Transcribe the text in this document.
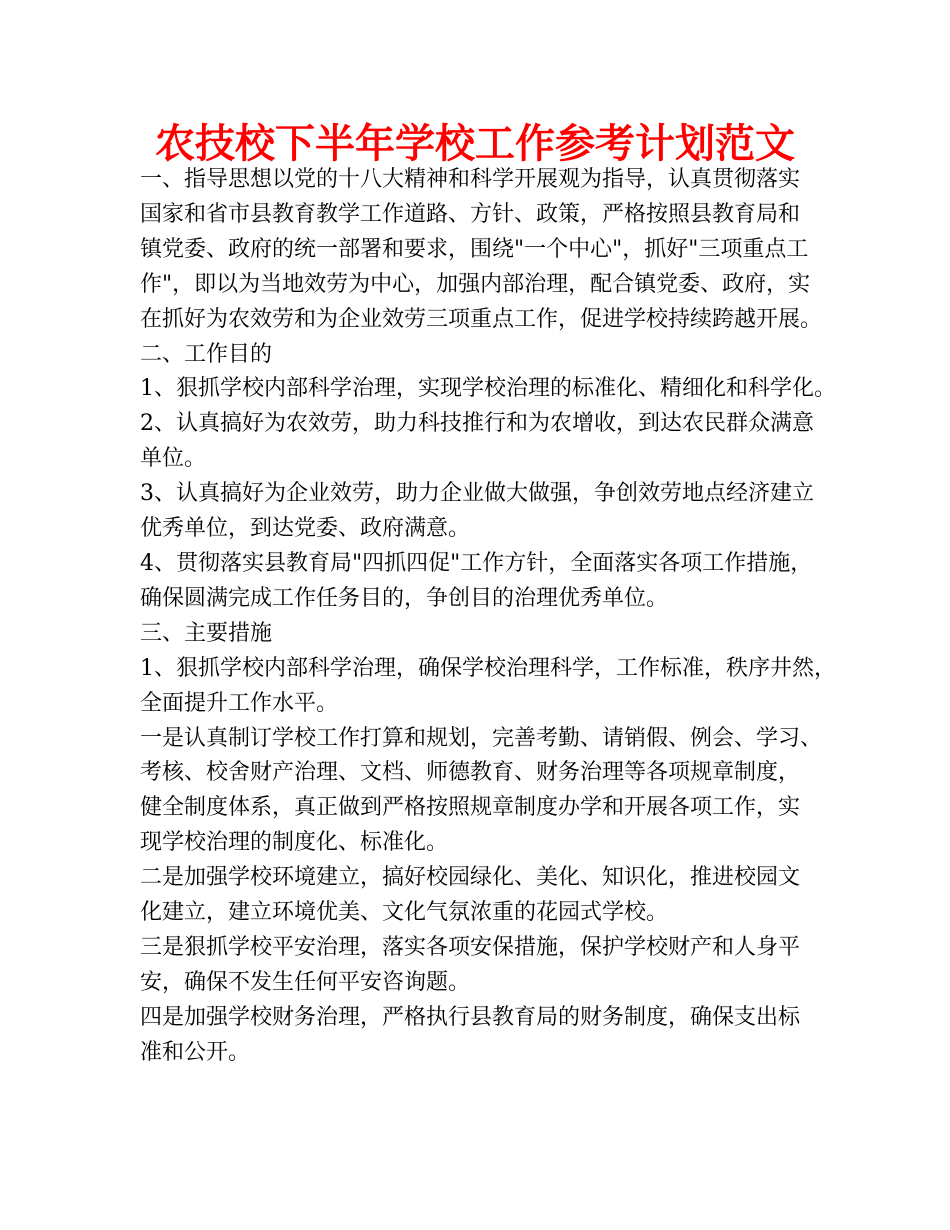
农技校下半年学校工作参考计划范文

一、指导思想以党的十八大精神和科学开展观为指导，认真贯彻落实

国家和省市县教育教学工作道路、方针、政策，严格按照县教育局和

镇党委、政府的统一部署和要求，围绕"一个中心"，抓好"三项重点工

作"，即以为当地效劳为中心，加强内部治理，配合镇党委、政府，实

在抓好为农效劳和为企业效劳三项重点工作，促进学校持续跨越开展。

二、工作目的

1、狠抓学校内部科学治理，实现学校治理的标准化、精细化和科学化。

2、认真搞好为农效劳，助力科技推行和为农增收，到达农民群众满意

单位。

3、认真搞好为企业效劳，助力企业做大做强，争创效劳地点经济建立

优秀单位，到达党委、政府满意。

4、贯彻落实县教育局"四抓四促"工作方针，全面落实各项工作措施，

确保圆满完成工作任务目的，争创目的治理优秀单位。

三、主要措施

1、狠抓学校内部科学治理，确保学校治理科学，工作标准，秩序井然，

全面提升工作水平。

一是认真制订学校工作打算和规划，完善考勤、请销假、例会、学习、

考核、校舍财产治理、文档、师德教育、财务治理等各项规章制度，

健全制度体系，真正做到严格按照规章制度办学和开展各项工作，实

现学校治理的制度化、标准化。

二是加强学校环境建立，搞好校园绿化、美化、知识化，推进校园文

化建立，建立环境优美、文化气氛浓重的花园式学校。

三是狠抓学校平安治理，落实各项安保措施，保护学校财产和人身平

安，确保不发生任何平安咨询题。

四是加强学校财务治理，严格执行县教育局的财务制度，确保支出标

准和公开。
